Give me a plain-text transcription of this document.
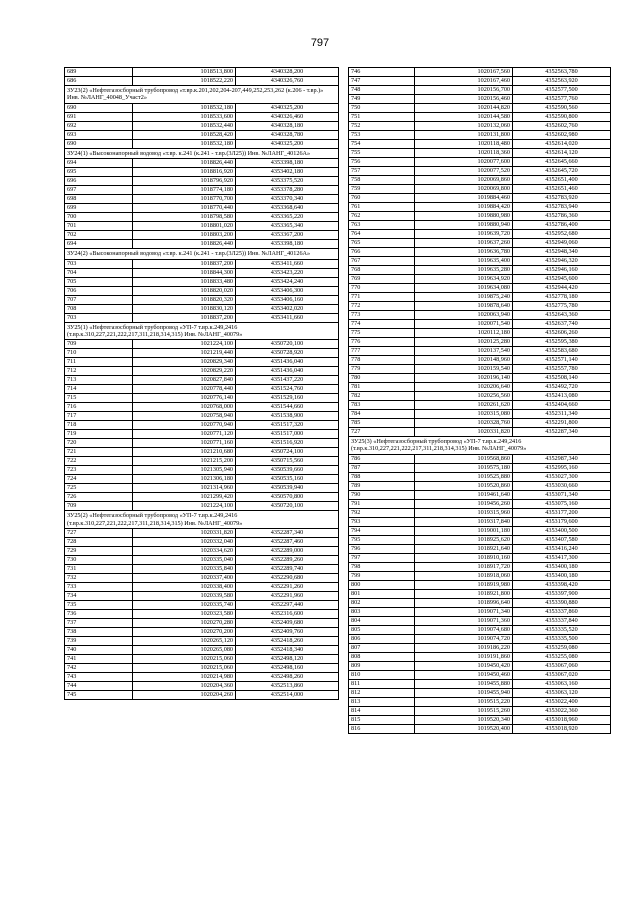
797
689	1018513,800	4340328,200
686	1018522,220	4340326,760
ЗУ23(2) «Нефтегазосборный трубопровод «т.вр.к.201,202,204-207,449,252,253,262 (к.206 - т.вр.)» Инв. №ЛАНГ_40048_Участ2»		
690	1018532,180	4340325,200
691	1018533,600	4340326,460
692	1018532,440	4340328,180
693	1018528,420	4340328,780
690	1018532,180	4340325,200
ЗУ24(1) «Высоконапорный водовод «т.вр. к.241 (к.241 - т.вр.(3Л25)) Инв. №ЛАНГ_40126А»		
694	1018826,440	4353398,180
695	1018816,920	4353402,180
696	1018796,920	4353375,520
697	1018774,180	4353378,280
698	1018770,700	4353370,340
699	1018770,440	4353368,640
700	1018798,580	4353365,220
701	1018801,020	4353365,340
702	1018803,200	4353367,200
694	1018826,440	4353398,180
ЗУ24(2) «Высоконапорный водовод «т.вр. к.241 (к.241 - т.вр.(3Л25)) Инв. №ЛАНГ_40126А»		
703	1018837,200	4353411,660
704	1018844,300	4353423,220
705	1018833,480	4353424,240
706	1018820,020	4353406,300
707	1018820,320	4353406,160
708	1018830,120	4353402,020
703	1018837,200	4353411,660
ЗУ25(1) «Нефтегазосборный трубопровод «УП-7 т.вр.к.249,2416 (т.вр.к.310,227,221,222,217,311,218,314,315) Инв. №ЛАНГ_40079»		
709	1021224,100	4350720,100
710	1021219,440	4350728,920
711	1020829,340	4351436,040
712	1020829,220	4351436,040
713	1020827,840	4351437,220
714	1020778,440	4351524,760
715	1020776,140	4351529,160
716	1020768,000	4351544,660
717	1020758,940	4351538,900
718	1020770,940	4351517,320
719	1020771,120	4351517,000
720	1020771,160	4351516,920
721	1021210,680	4350724,100
722	1021215,200	4350715,560
723	1021305,940	4350539,660
724	1021306,180	4350535,160
725	1021314,960	4350539,940
726	1021299,420	4350570,800
709	1021224,100	4350720,100
ЗУ25(2) «Нефтегазосборный трубопровод «УП-7 т.вр.к.249,2416 (т.вр.к.310,227,221,222,217,311,218,314,315) Инв. №ЛАНГ_40079»		
727	1020331,820	4352287,340
728	1020332,040	4352287,460
729	1020334,620	4352289,000
730	1020335,040	4352289,260
731	1020335,840	4352289,740
732	1020337,400	4352290,680
733	1020338,400	4352291,260
734	1020339,580	4352291,960
735	1020335,740	4352297,440
736	1020323,580	4352316,600
737	1020270,280	4352409,680
738	1020270,200	4352409,760
739	1020265,120	4352418,260
740	1020265,080	4352418,340
741	1020215,060	4352498,120
742	1020215,060	4352498,160
743	1020214,980	4352498,260
744	1020204,360	4352513,860
745	1020204,260	4352514,000
746	1020167,560	4352563,780
747	1020167,460	4352563,920
748	1020156,700	4352577,500
749	1020156,460	4352577,760
750	1020144,820	4352590,560
751	1020144,580	4352590,800
752	1020132,060	4352602,760
753	1020131,800	4352602,980
754	1020118,480	4352614,020
755	1020118,360	4352614,120
756	1020077,600	4352645,660
757	1020077,520	4352645,720
758	1020069,860	4352651,400
759	1020069,800	4352651,460
760	1019884,460	4352783,920
761	1019884,420	4352783,940
762	1019880,980	4352786,360
763	1019880,940	4352786,400
764	1019639,720	4352952,680
765	1019637,260	4352949,060
766	1019636,780	4352948,340
767	1019635,400	4352946,320
768	1019635,280	4352946,160
769	1019634,920	4352945,600
770	1019634,080	4352944,420
771	1019875,240	4352778,180
772	1019878,640	4352775,780
773	1020063,940	4352643,360
774	1020071,540	4352637,740
775	1020112,180	4352606,260
776	1020125,280	4352595,380
777	1020137,540	4352583,680
778	1020148,960	4352571,140
779	1020159,540	4352557,780
780	1020196,140	4352508,140
781	1020206,640	4352492,720
782	1020256,560	4352413,080
783	1020261,620	4352404,660
784	1020315,080	4352311,340
785	1020328,760	4352291,800
727	1020331,820	4352287,340
ЗУ25(3) «Нефтегазосборный трубопровод «УП-7 т.вр.к.249,2416 (т.вр.к.310,227,221,222,217,311,218,314,315) Инв. №ЛАНГ_40079»		
786	1019568,860	4352987,340
787	1019575,180	4352995,160
788	1019525,880	4353027,300
789	1019520,860	4353030,660
790	1019461,640	4353071,340
791	1019456,260	4353075,160
792	1019315,960	4353177,200
793	1019317,840	4353179,600
794	1019001,180	4353400,500
795	1018925,620	4353407,580
796	1018921,640	4353416,240
797	1018910,160	4353417,300
798	1018917,720	4353400,180
799	1018918,060	4353400,180
800	1018919,980	4353398,420
801	1018921,800	4353397,900
802	1018996,640	4353390,880
803	1019071,340	4353337,860
804	1019071,360	4353337,840
805	1019074,680	4353335,520
806	1019074,720	4353335,500
807	1019186,220	4353259,080
808	1019191,860	4353255,080
809	1019450,420	4353067,060
810	1019450,460	4353067,020
811	1019455,880	4353063,160
812	1019455,940	4353063,120
813	1019515,220	4353022,400
814	1019515,260	4353022,360
815	1019520,340	4353018,960
816	1019520,400	4353018,920
